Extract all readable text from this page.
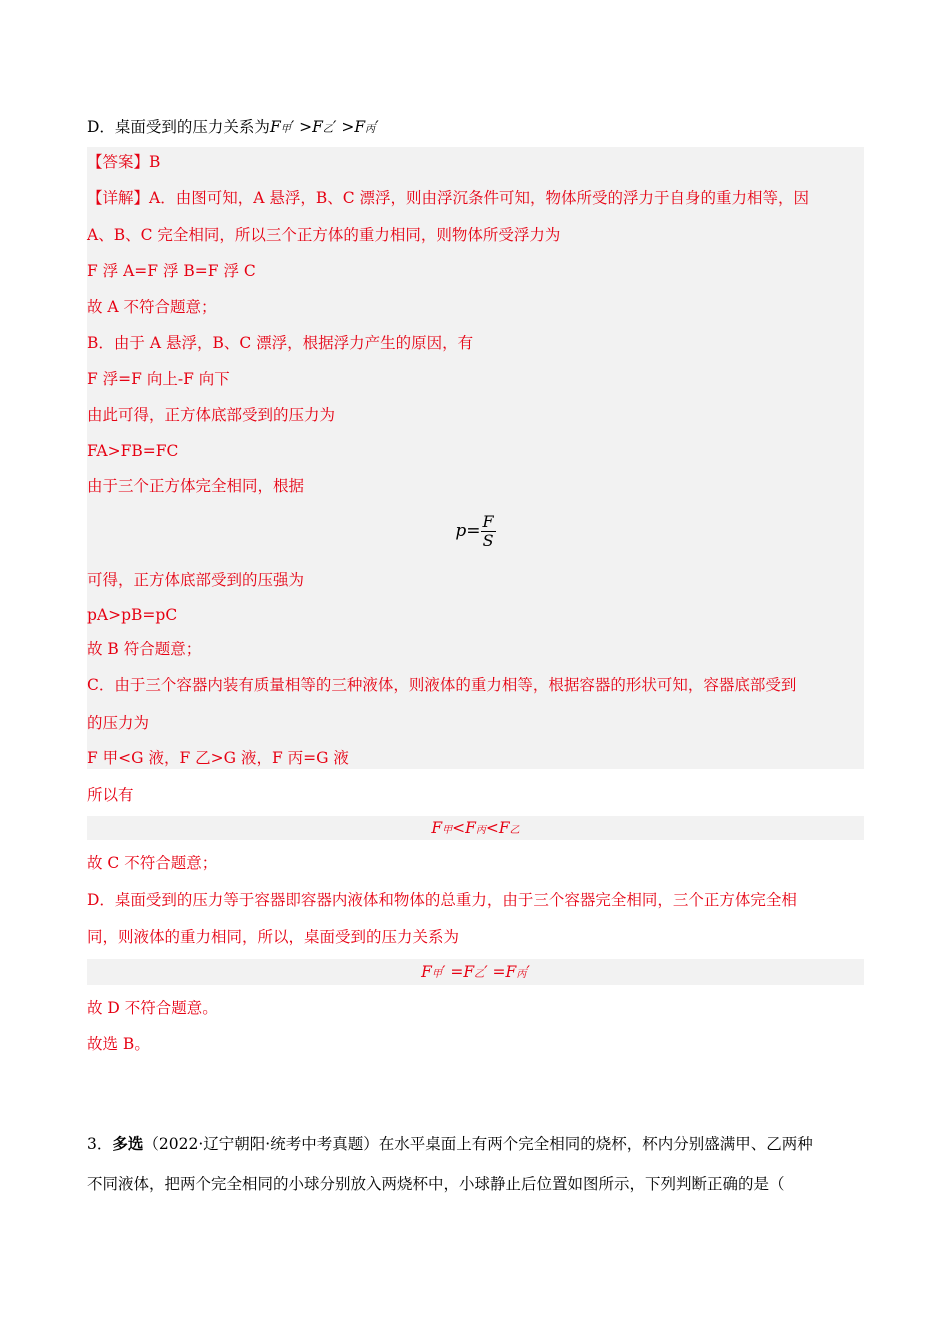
D．桌面受到的压力关系为F甲′ >F乙′ >F丙′
【答案】B
【详解】A．由图可知，A 悬浮，B、C 漂浮，则由浮沉条件可知，物体所受的浮力于自身的重力相等，因
A、B、C 完全相同，所以三个正方体的重力相同，则物体所受浮力为
F 浮 A=F 浮 B=F 浮 C
故 A 不符合题意；
B．由于 A 悬浮，B、C 漂浮，根据浮力产生的原因，有
F 浮=F 向上-F 向下
由此可得，正方体底部受到的压力为
FA>FB=FC
由于三个正方体完全相同，根据
$p= \frac{F}{S}$
可得，正方体底部受到的压强为
pA>pB=pC
故 B 符合题意；
C．由于三个容器内装有质量相等的三种液体，则液体的重力相等，根据容器的形状可知，容器底部受到
的压力为
F 甲<G 液，F 乙>G 液，F 丙=G 液
所以有
F甲<F丙<F乙
故 C 不符合题意；
D．桌面受到的压力等于容器即容器内液体和物体的总重力，由于三个容器完全相同，三个正方体完全相
同，则液体的重力相同，所以，桌面受到的压力关系为
F甲′ =F乙′ =F丙′
故 D 不符合题意。
故选 B。
3．多选（2022·辽宁朝阳·统考中考真题）在水平桌面上有两个完全相同的烧杯，杯内分别盛满甲、乙两种
不同液体，把两个完全相同的小球分别放入两烧杯中，小球静止后位置如图所示，下列判断正确的是（
